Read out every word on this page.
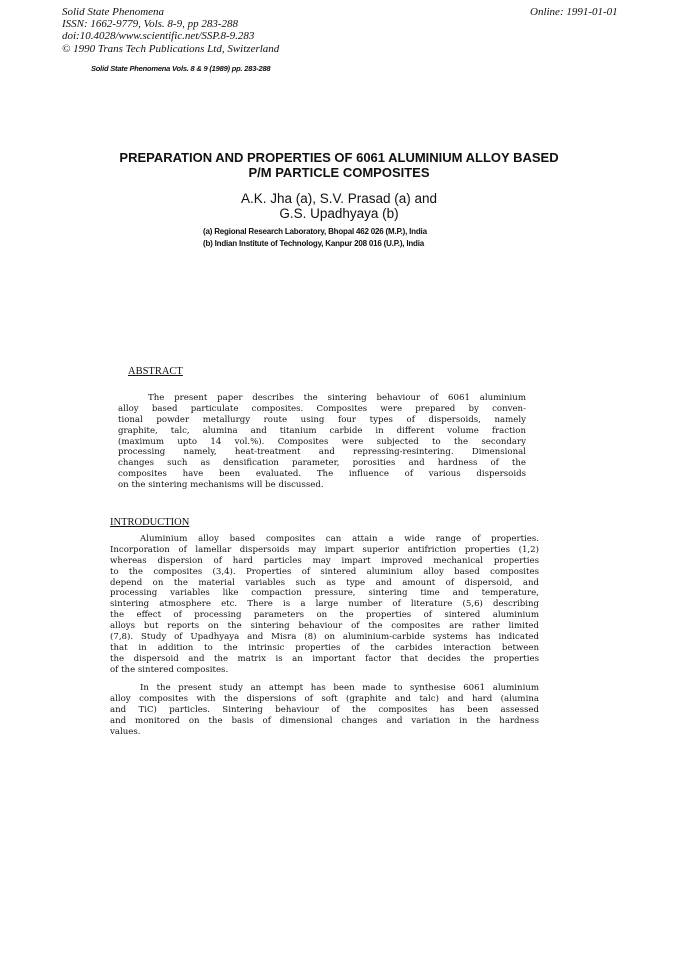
Solid State Phenomena
ISSN: 1662-9779, Vols. 8-9, pp 283-288
doi:10.4028/www.scientific.net/SSP.8-9.283
© 1990 Trans Tech Publications Ltd, Switzerland
Online: 1991-01-01
Solid State Phenomena Vols. 8 & 9 (1989) pp. 283-288
PREPARATION AND PROPERTIES OF 6061 ALUMINIUM ALLOY BASED
P/M PARTICLE COMPOSITES
A.K. Jha (a), S.V. Prasad (a) and
G.S. Upadhyaya (b)
(a) Regional Research Laboratory, Bhopal 462 026 (M.P.), India
(b) Indian Institute of Technology, Kanpur 208 016 (U.P.), India
ABSTRACT
The present paper describes the sintering behaviour of 6061 aluminium
alloy based particulate composites. Composites were prepared by conven-
tional powder metallurgy route using four types of dispersoids, namely
graphite, talc, alumina and titanium carbide in different volume fraction
(maximum upto 14 vol.%). Composites were subjected to the secondary
processing namely, heat-treatment and repressing-resintering. Dimensional
changes such as densification parameter, porosities and hardness of the
composites have been evaluated. The influence of various dispersoids
on the sintering mechanisms will be discussed.
INTRODUCTION
Aluminium alloy based composites can attain a wide range of properties.
Incorporation of lamellar dispersoids may impart superior antifriction properties (1,2)
whereas dispersion of hard particles may impart improved mechanical properties
to the composites (3,4). Properties of sintered aluminium alloy based composites
depend on the material variables such as type and amount of dispersoid, and
processing variables like compaction pressure, sintering time and temperature,
sintering atmosphere etc. There is a large number of literature (5,6) describing
the effect of processing parameters on the properties of sintered aluminium
alloys but reports on the sintering behaviour of the composites are rather limited
(7,8). Study of Upadhyaya and Misra (8) on aluminium-carbide systems has indicated
that in addition to the intrinsic properties of the carbides interaction between
the dispersoid and the matrix is an important factor that decides the properties
of the sintered composites.
In the present study an attempt has been made to synthesise 6061 aluminium
alloy composites with the dispersions of soft (graphite and talc) and hard (alumina
and TiC) particles. Sintering behaviour of the composites has been assessed
and monitored on the basis of dimensional changes and variation in the hardness
values.
